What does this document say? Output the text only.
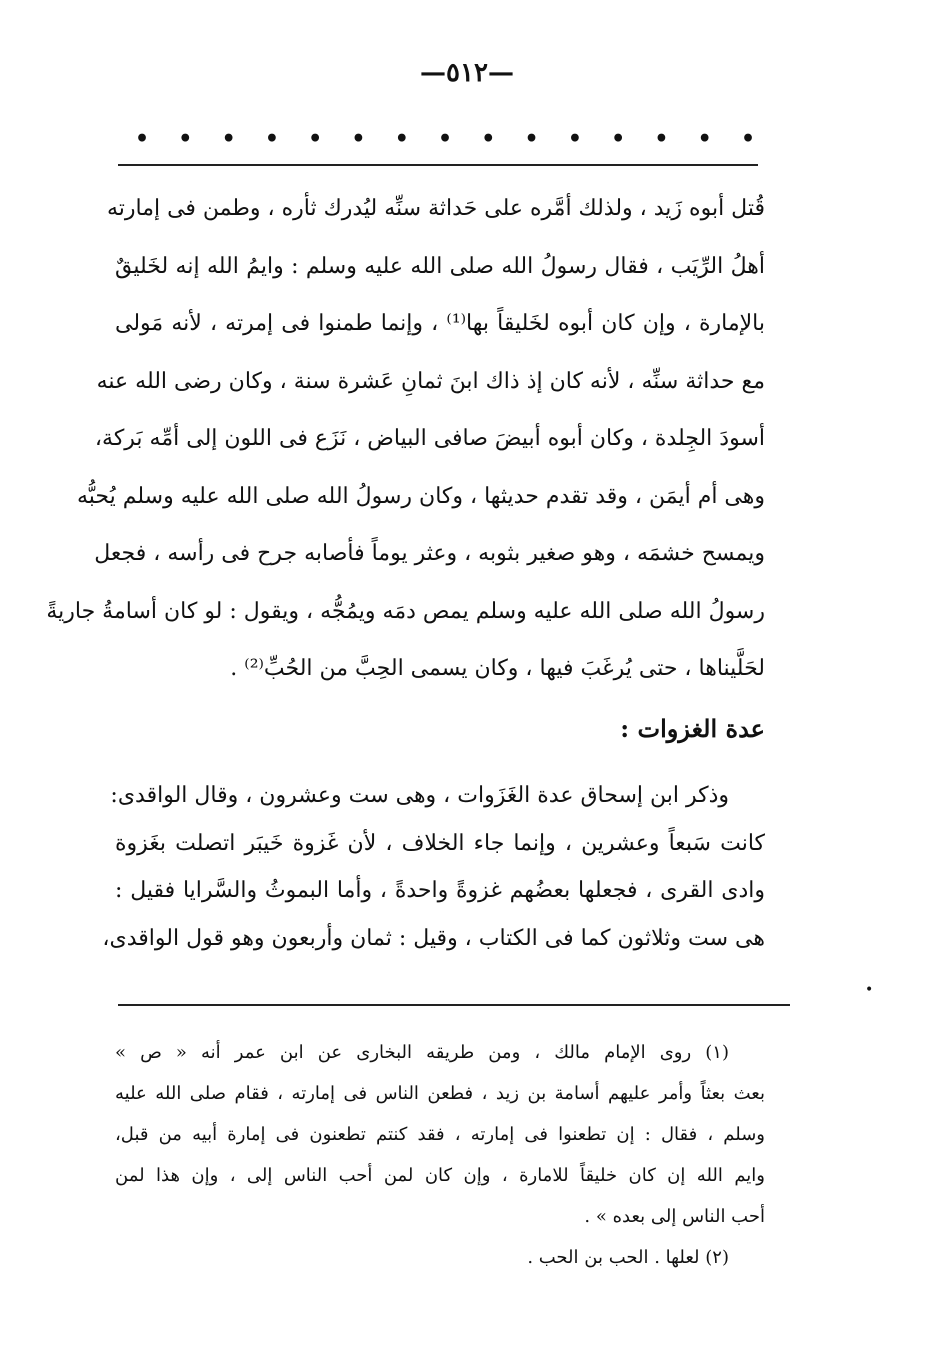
—٥١٢—
• • • • • • • • • • • • • • •
قُتل أبوه زَيد ، ولذلك أمَّره على حَداثة سنِّه ليُدرك ثأره ، وطمن فى إمارته
أهلُ الرِّيَب ، فقال رسولُ الله صلى الله عليه وسلم : وايمُ الله إنه لخَليقٌ
بالإمارة ، وإن كان أبوه لخَليقاً بها⁽¹⁾ ، وإنما طمنوا فى إمرته ، لأنه مَولى
مع حداثة سنِّه ، لأنه كان إذ ذاك ابنَ ثمانِ عَشرة سنة ، وكان رضى الله عنه
أسودَ الجِلدة ، وكان أبوه أبيضَ صافى البياض ، نَزَع فى اللون إلى أمِّه بَركة،
وهى أم أيمَن ، وقد تقدم حديثها ، وكان رسولُ الله صلى الله عليه وسلم يُحبُّه
ويمسح خشمَه ، وهو صغير بثوبه ، وعثر يوماً فأصابه جرح فى رأسه ، فجعل
رسولُ الله صلى الله عليه وسلم يمص دمَه ويمُجُّه ، ويقول : لو كان أسامةُ جاريةً
لحَلَّيناها ، حتى يُرغَبَ فيها ، وكان يسمى الحِبَّ من الحُبِّ⁽²⁾ .
عدة الغزوات :
وذكر ابن إسحاق عدة الغَزَوات ، وهى ست وعشرون ، وقال الواقدى:
كانت سَبعاً وعشرين ، وإنما جاء الخلاف ، لأن غَزوة خَيبَر اتصلت بغَزوة
وادى القرى ، فجعلها بعضُهم غزوةً واحدةً ، وأما البموثُ والسَّرايا فقيل :
هى ست وثلاثون كما فى الكتاب ، وقيل : ثمان وأربعون وهو قول الواقدى،
•
(١) روى الإمام مالك ، ومن طريقه البخارى عن ابن عمر أنه « ص »
بعث بعثاً وأمر عليهم أسامة بن زيد ، فطعن الناس فى إمارته ، فقام صلى الله عليه
وسلم ، فقال : إن تطعنوا فى إمارته ، فقد كنتم تطعنون فى إمارة أبيه من قبل،
وايم الله إن كان خليقاً للامارة ، وإن كان لمن أحب الناس إلى ، وإن هذا لمن
أحب الناس إلى بعده » .
(٢) لعلها . الحب بن الحب .
